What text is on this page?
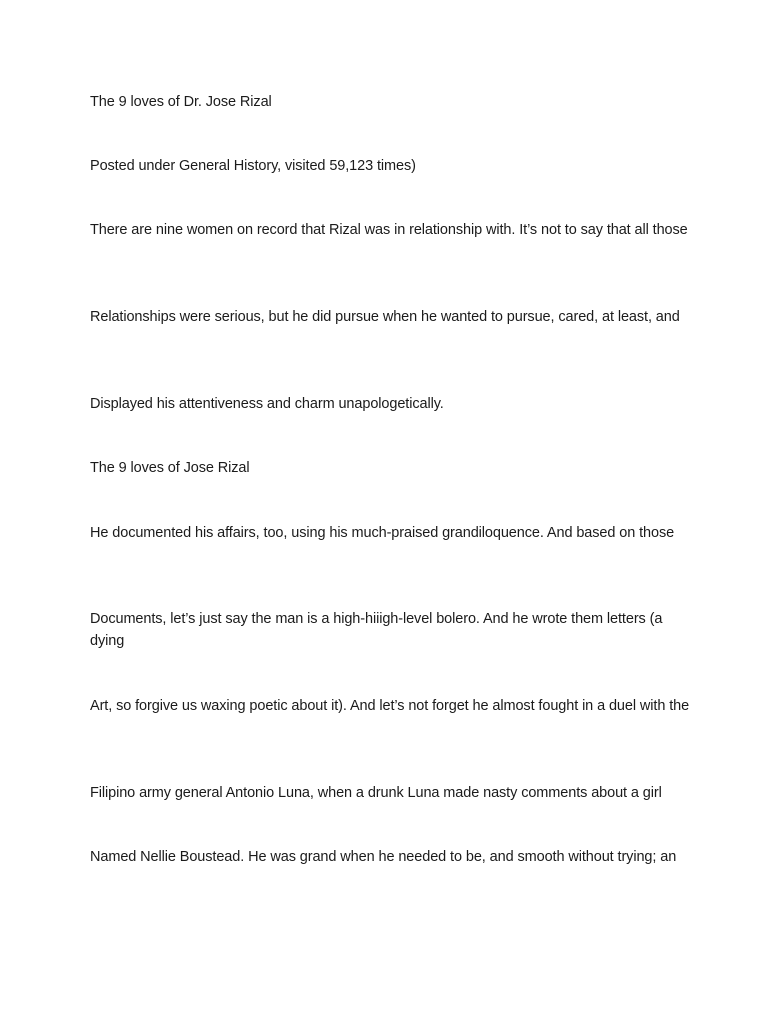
The 9 loves of Dr. Jose Rizal

Posted under General History, visited 59,123 times)

There are nine women on record that Rizal was in relationship with. It’s not to say that all those

Relationships were serious, but he did pursue when he wanted to pursue, cared, at least, and

Displayed his attentiveness and charm unapologetically.

The 9 loves of Jose Rizal

He documented his affairs, too, using his much-praised grandiloquence. And based on those

Documents, let’s just say the man is a high-hiiigh-level bolero. And he wrote them letters (a dying

Art, so forgive us waxing poetic about it). And let’s not forget he almost fought in a duel with the

Filipino army general Antonio Luna, when a drunk Luna made nasty comments about a girl

Named Nellie Boustead. He was grand when he needed to be, and smooth without trying; an
